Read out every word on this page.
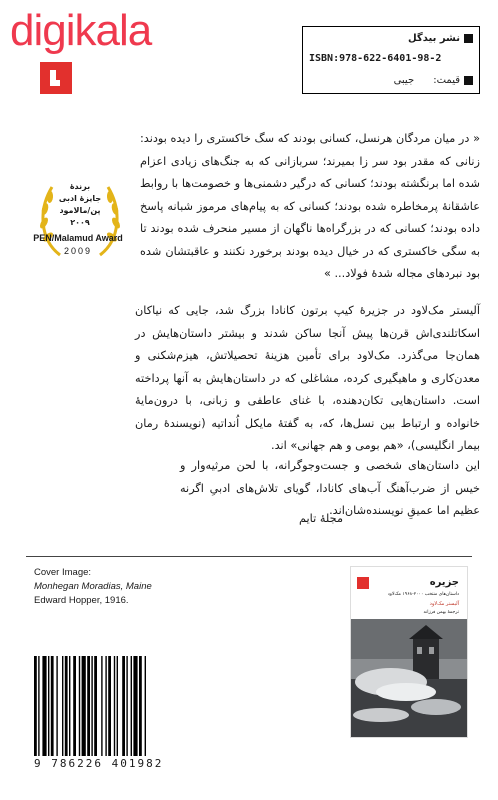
digikala	نشر بیدگل
ISBN:978-622-6401-98-2
قیمت:      جیبی
برندهٔ
جایزهٔ ادبی
پن/مالامود
۲۰۰۹
PEN/Malamud Award
2009
« در میان مردگان هرنسل، کسانی بودند که سگ خاکستری را دیده بودند: زنانی که مقدر بود سر زا بمیرند؛ سربازانی که به جنگ‌های زیادی اعزام شده اما برنگشته بودند؛ کسانی که درگیر دشمنی‌ها و خصومت‌ها با روابط عاشقانهٔ پرمخاطره شده بودند؛ کسانی که به پیام‌های مرموز شبانه پاسخ داده بودند؛ کسانی که در بزرگراه‌ها ناگهان از مسیر منحرف شده بودند تا به سگی خاکستری که در خیال دیده بودند برخورد نکنند و عاقبتشان شده بود نبرد‌های مجاله شدهٔ فولاد... »
آلیستر مک‌لاود در جزیرهٔ کیپ برتون کانادا بزرگ شد، جایی که نیاکان اسکاتلندی‌اش قرن‌ها پیش آنجا ساکن شدند و بیشتر داستان‌هایش در همان‌جا می‌گذرد. مک‌لاود برای تأمین هزینهٔ تحصیلاتش، هیزم‌شکنی و معدن‌کاری و ماهیگیری کرده، مشاغلی که در داستان‌هایش به آنها پرداخته است. داستان‌هایی تکان‌دهنده، با غنای عاطفی و زبانی، با درون‌مایهٔ خانواده و ارتباط بین نسل‌ها، که، به گفتهٔ مایکل اُنداتیه (نویسندهٔ رمان بیمار انگلیسی)، «هم بومی و هم جهانی» اند.
این داستان‌های شخصی و جست‌وجوگرانه، با لحن مرثیه‌وار و خیس از ضرب‌آهنگ آب‌های کانادا، گویای تلاش‌های ادبیِ اگرنه عظیم اما عمیقِ نویسنده‌شان‌اند.
مجلهٔ تایم
Cover Image:
Monhegan Moradias, Maine
Edward Hopper, 1916.
جزیره
داستان‌های منتخب ۲۰۰۰-۱۹۶۸ مک‌لاود
آلیستر مک‌لاود
ترجمهٔ بهمن فرزانه
9 786226 401982
